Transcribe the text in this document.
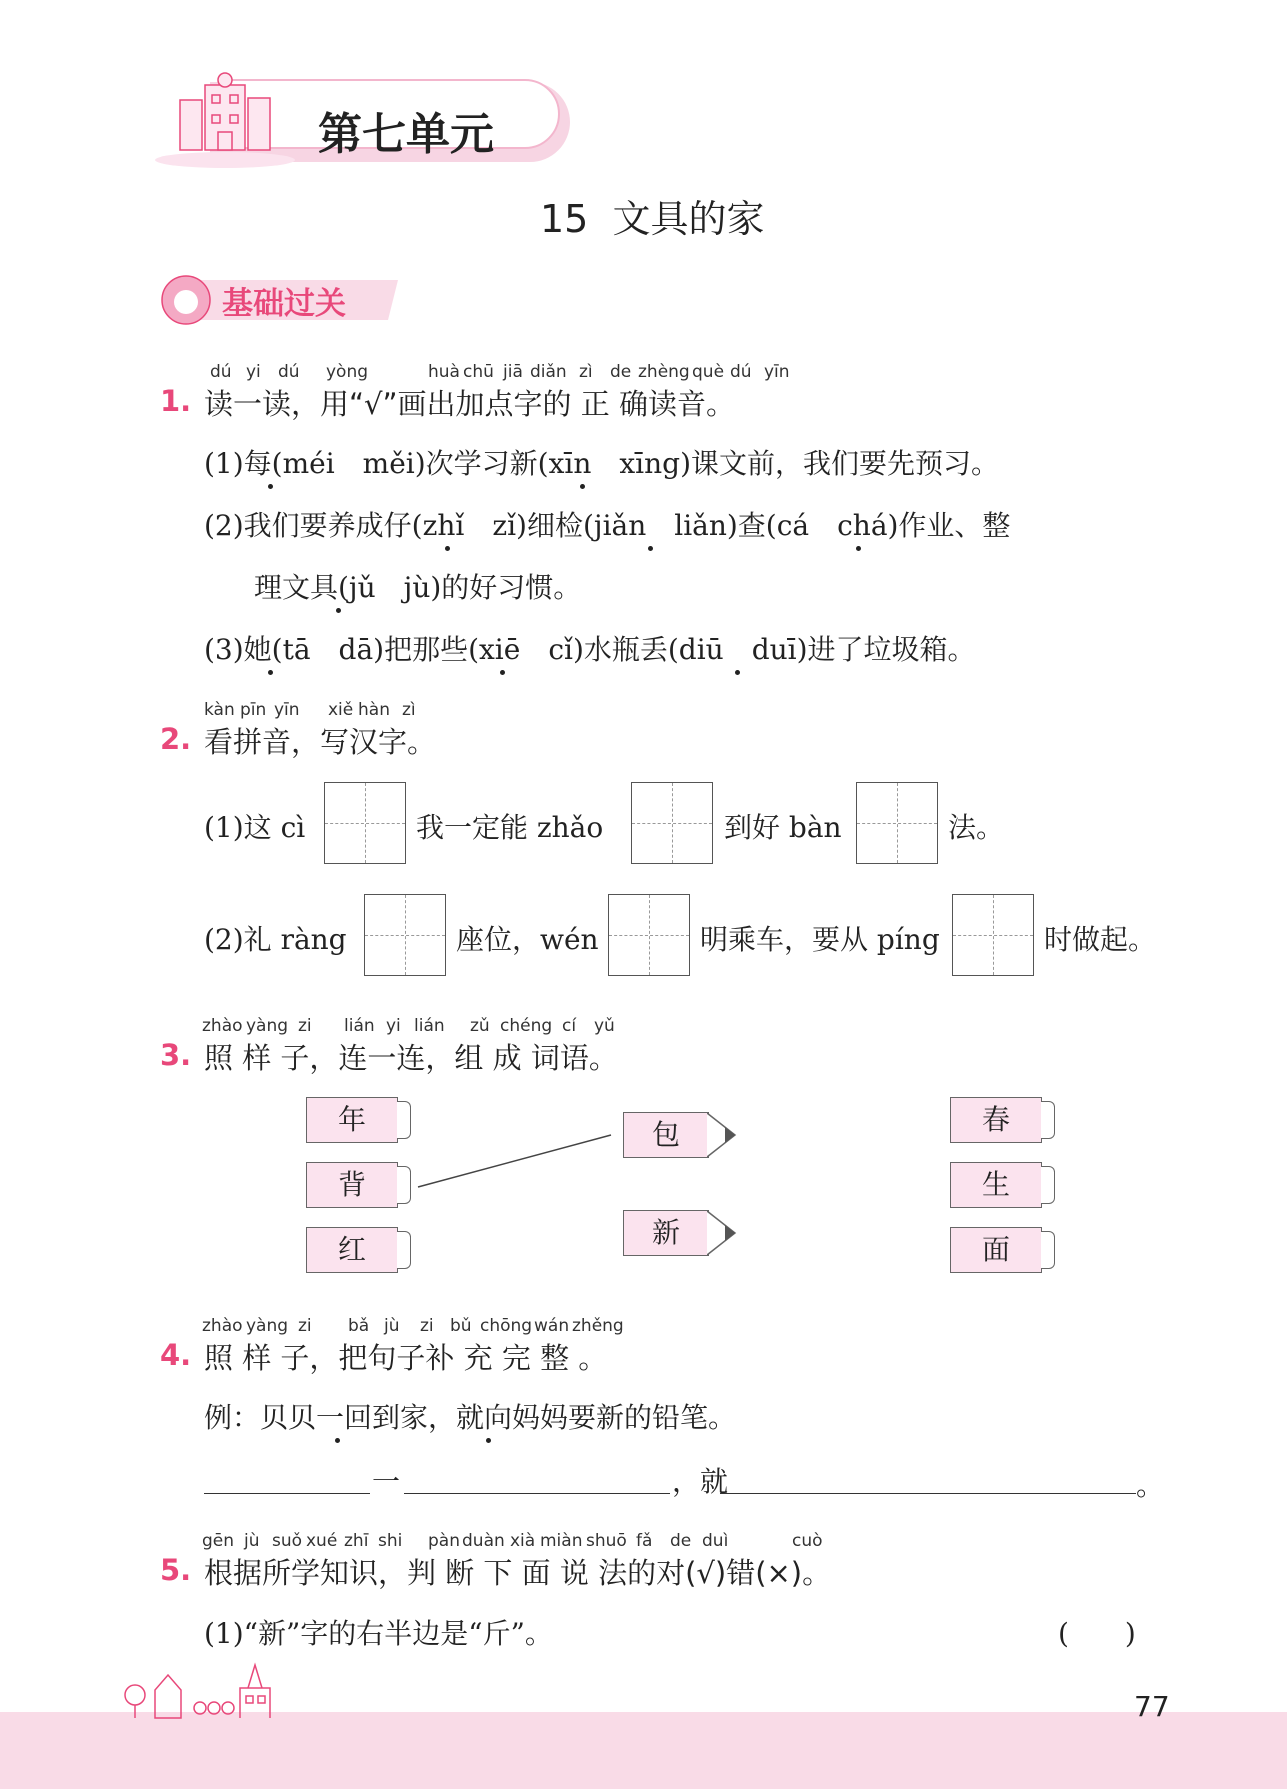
第七单元
15  文具的家
基础过关
dú yi dú yòng	huà chū jiā diǎn zì de zhèng què dú yīn
1. 读一读，用“√”画出加点字的 正 确读音。
(1)每(méi　měi)次学习新(xīn　xīng)课文前，我们要先预习。
(2)我们要养成仔(zhǐ　zǐ)细检(jiǎn　liǎn)查(cá　chá)作业、整
理文具(jǔ　jù)的好习惯。
(3)她(tā　dā)把那些(xiē　cǐ)水瓶丢(diū　duī)进了垃圾箱。
kàn pīn yīn xiě hàn zì
2. 看拼音，写汉字。
(1)这 cì	我一定能 zhǎo	到好 bàn	法。
(2)礼 ràng	座位，wén	明乘车，要从 píng	时做起。
zhào yàng zi lián yi lián zǔ chéng cí yǔ
3. 照 样 子，连一连，组 成 词语。
年
背
红
包
新
春
生
面
zhào yàng zi bǎ jù zi bǔ chōng wán zhěng
4. 照 样 子，把句子补 充 完 整 。
例：贝贝一回到家，就向妈妈要新的铅笔。
一	，就	。
gēn jù suǒ xué zhī shi pàn duàn xià miàn shuō fǎ de duì	cuò
5. 根据所学知识，判 断 下 面 说 法的对(√)错(×)。
(1)“新”字的右半边是“斤”。	(　　)
77
